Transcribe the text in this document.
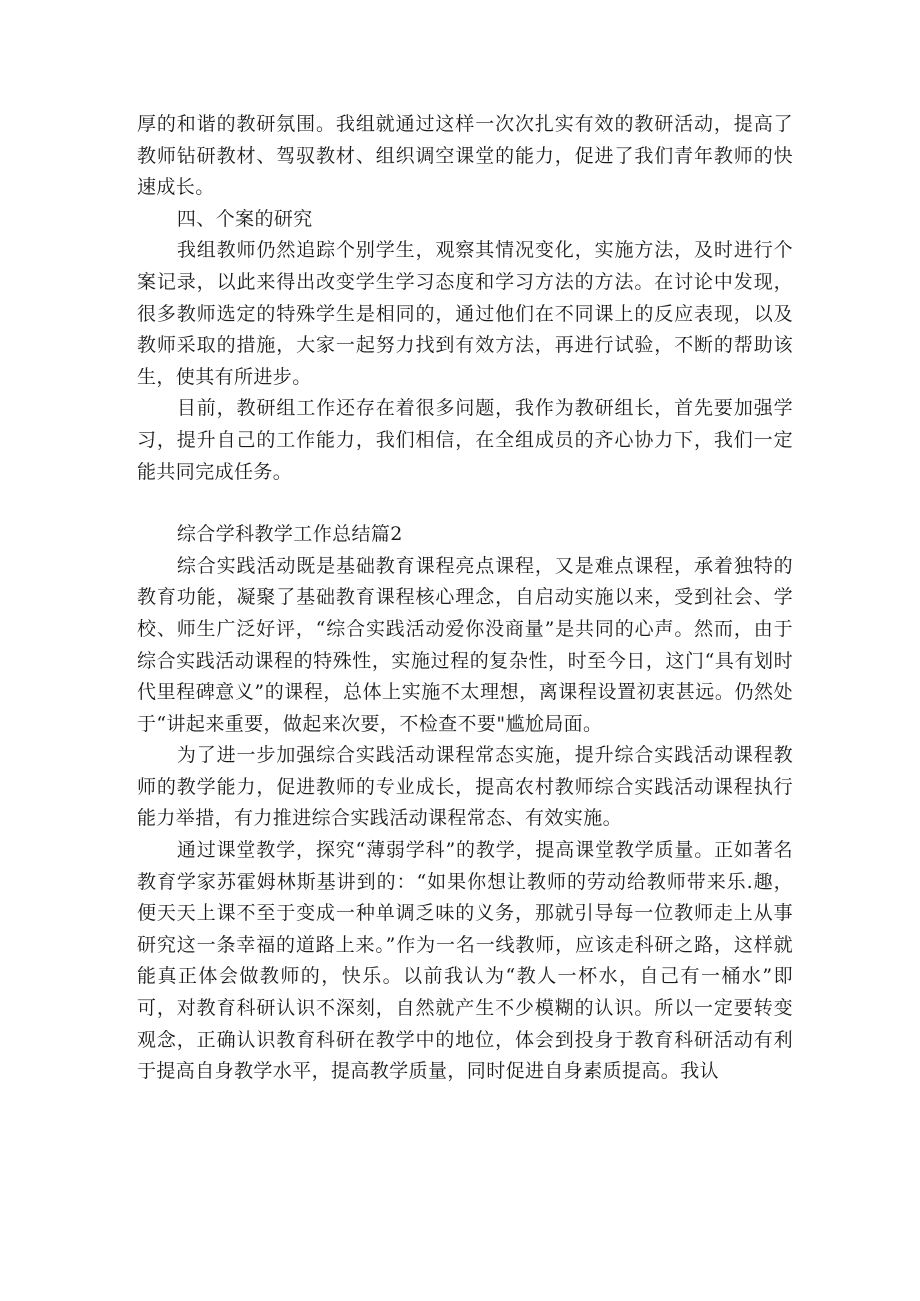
厚的和谐的教研氛围。我组就通过这样一次次扎实有效的教研活动，提高了教师钻研教材、驾驭教材、组织调空课堂的能力，促进了我们青年教师的快速成长。

四、个案的研究

我组教师仍然追踪个别学生，观察其情况变化，实施方法，及时进行个案记录，以此来得出改变学生学习态度和学习方法的方法。在讨论中发现，很多教师选定的特殊学生是相同的，通过他们在不同课上的反应表现，以及教师采取的措施，大家一起努力找到有效方法，再进行试验，不断的帮助该生，使其有所进步。

目前，教研组工作还存在着很多问题，我作为教研组长，首先要加强学习，提升自己的工作能力，我们相信，在全组成员的齐心协力下，我们一定能共同完成任务。

综合学科教学工作总结篇2

综合实践活动既是基础教育课程亮点课程，又是难点课程，承着独特的教育功能，凝聚了基础教育课程核心理念，自启动实施以来，受到社会、学校、师生广泛好评，“综合实践活动爱你没商量”是共同的心声。然而，由于综合实践活动课程的特殊性，实施过程的复杂性，时至今日，这门“具有划时代里程碑意义”的课程，总体上实施不太理想，离课程设置初衷甚远。仍然处于“讲起来重要，做起来次要，不检查不要"尴尬局面。

为了进一步加强综合实践活动课程常态实施，提升综合实践活动课程教师的教学能力，促进教师的专业成长，提高农村教师综合实践活动课程执行能力举措，有力推进综合实践活动课程常态、有效实施。

通过课堂教学，探究“薄弱学科”的教学，提高课堂教学质量。正如著名教育学家苏霍姆林斯基讲到的：“如果你想让教师的劳动给教师带来乐.趣，便天天上课不至于变成一种单调乏味的义务，那就引导每一位教师走上从事研究这一条幸福的道路上来。”作为一名一线教师，应该走科研之路，这样就能真正体会做教师的，快乐。以前我认为“教人一杯水，自己有一桶水”即可，对教育科研认识不深刻，自然就产生不少模糊的认识。所以一定要转变观念，正确认识教育科研在教学中的地位，体会到投身于教育科研活动有利于提高自身教学水平，提高教学质量，同时促进自身素质提高。我认
